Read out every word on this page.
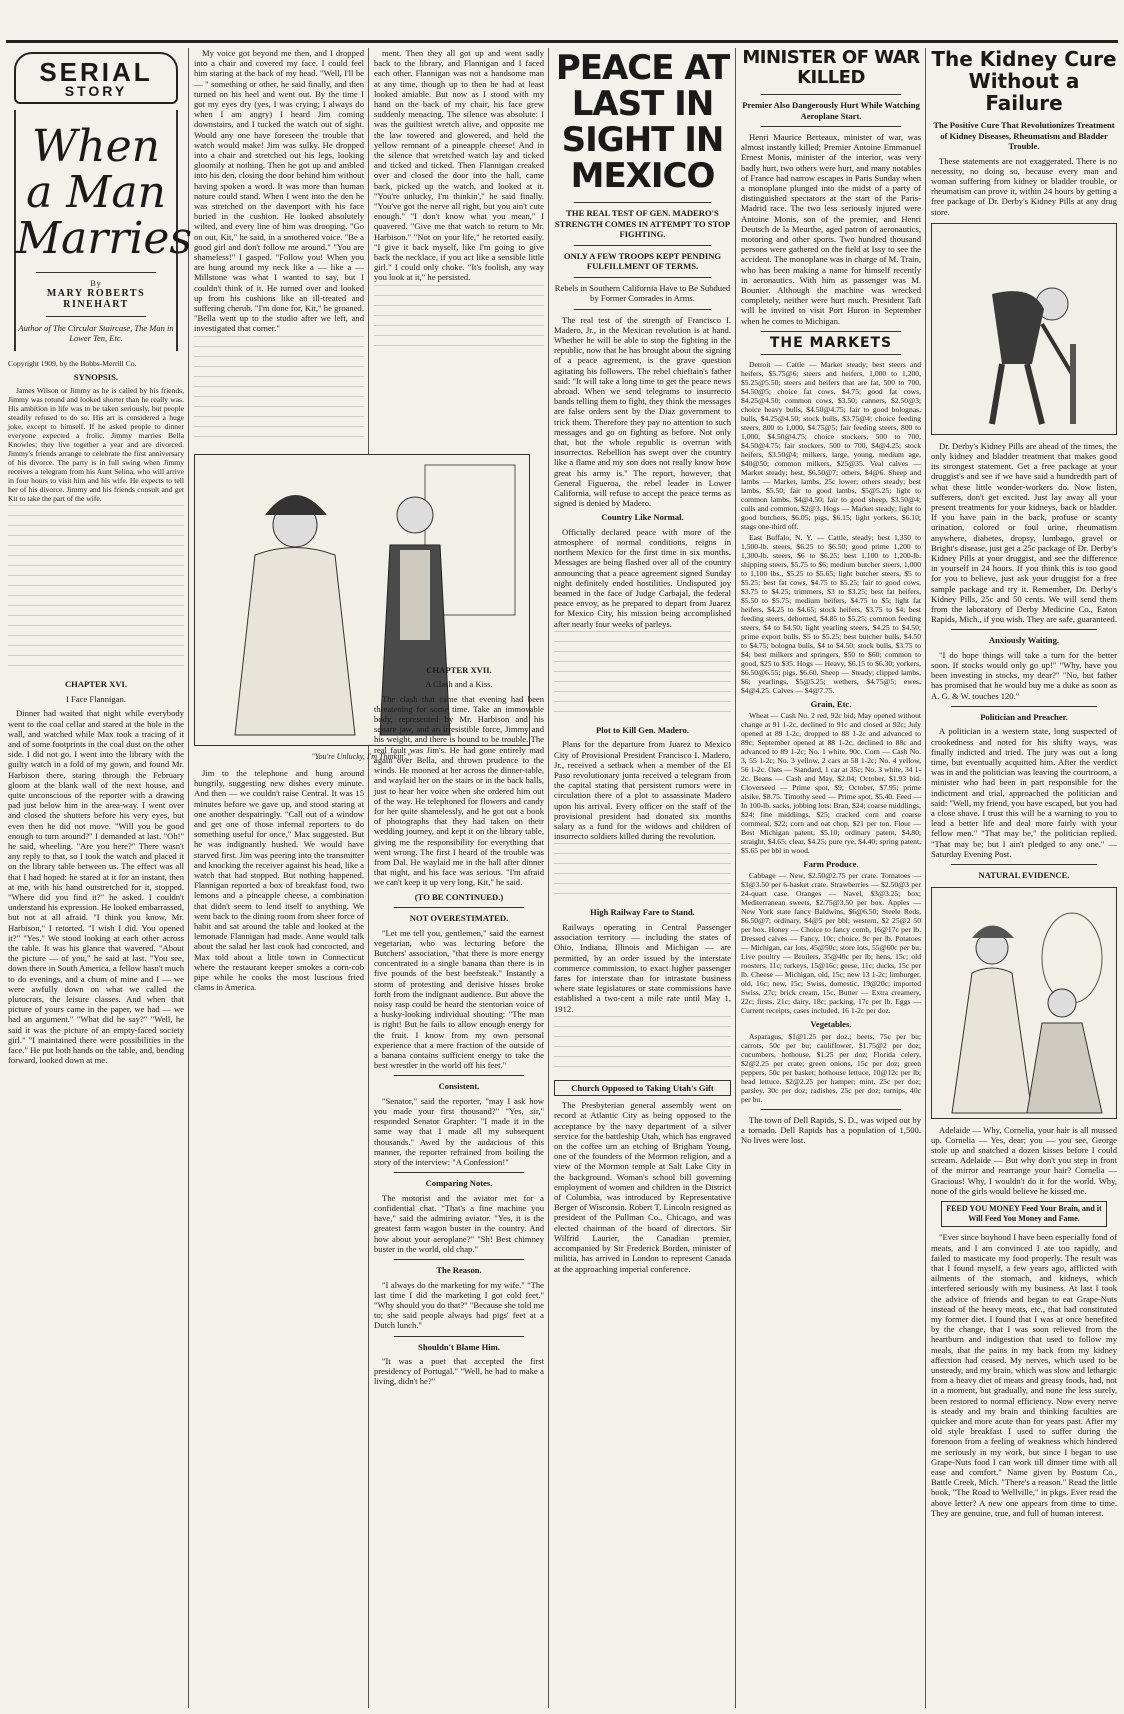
SERIAL
STORY
When
a Man
Marries
By
MARY ROBERTS RINEHART
Author of The Circular Staircase, The Man in Lower Ten, Etc.
Copyright 1909, by the Bobbs-Merrill Co.
SYNOPSIS.

James Wilson or Jimmy as he is called by his friends, Jimmy was rotund and looked shorter than he really was. His ambition in life was to be taken seriously, but people steadily refused to do so. His art is considered a huge joke, except to himself. If he asked people to dinner everyone expected a frolic. Jimmy marries Bella Knowles; they live together a year and are divorced. Jimmy's friends arrange to celebrate the first anniversary of his divorce. The party is in full swing when Jimmy receives a telegram from his Aunt Selina, who will arrive in four hours to visit him and his wife. He expects to tell her of his divorce. Jimmy and his friends consult and get Kit to take the part of the wife.

CHAPTER XVI.
I Face Flannigan.

Dinner had waited that night while everybody went to the coal cellar and stared at the hole in the wall, and watched while Max took a tracing of it and of some footprints in the coal dust on the other side. I did not go. I went into the library with the guilty watch in a fold of my gown, and found Mr. Harbison there, staring through the February gloom at the blank wall of the next house, and quite unconscious of the reporter with a drawing pad just below him in the area-way. I went over and closed the shutters before his very eyes, but even then he did not move. "Will you be good enough to turn around?" I demanded at last. "Oh!" he said, wheeling. "Are you here?" There wasn't any reply to that, so I took the watch and placed it on the library table between us. The effect was all that I had hoped: he stared at it for an instant, then at me, with his hand outstretched for it, stopped. "Where did you find it?" he asked. I couldn't understand his expression. He looked embarrassed, but not at all afraid. "I think you know, Mr. Harbison," I retorted. "I wish I did. You opened it?" "Yes." We stood looking at each other across the table. It was his glance that wavered. "About the picture — of you," he said at last. "You see, down there in South America, a fellow hasn't much to do evenings, and a chum of mine and I — we were awfully down on what we called the plutocrats, the leisure classes. And when that picture of yours came in the paper, we had — we had an argument." "What did he say?" "Well, he said it was the picture of an empty-faced society girl." "I maintained there were possibilities in the face." He put both hands on the table, and, bending forward, looked down at me.

My voice got beyond me then, and I dropped into a chair and covered my face. I could feel him staring at the back of my head. "Well, I'll be — " something or other, he said finally, and then turned on his heel and went out. By the time I got my eyes dry (yes, I was crying; I always do when I am angry) I heard Jim coming downstairs, and I tucked the watch out of sight. Would any one have foreseen the trouble that watch would make! Jim was sulky. He dropped into a chair and stretched out his legs, looking gloomily at nothing. Then he got up and ambled into his den, closing the door behind him without having spoken a word. It was more than human nature could stand. When I went into the den he was stretched on the davenport with his face buried in the cushion. He looked absolutely wilted, and every line of him was drooping. "Go on out, Kit," he said, in a smothered voice. "Be a good girl and don't follow me around." "You are shameless!" I gasped. "Follow you! When you are hung around my neck like a — like a — Millstone was what I wanted to say, but I couldn't think of it. He turned over and looked up from his cushions like an ill-treated and suffering cherub. "I'm done for, Kit," he groaned. "Bella went up to the studio after we left, and investigated that corner."

"You're Unlucky, I'm Thinkin'."

Jim to the telephone and hung around hungrily, suggesting new dishes every minute. And then — we couldn't raise Central. It was 15 minutes before we gave up, and stood staring at one another despairingly. "Call out of a window and get one of those infernal reporters to do something useful for once," Max suggested. But he was indignantly hushed. We would have starved first. Jim was peering into the transmitter and knocking the receiver against his head, like a watch that had stopped. But nothing happened. Flannigan reported a box of breakfast food, two lemons and a pineapple cheese, a combination that didn't seem to lend itself to anything. We went back to the dining room from sheer force of habit and sat around the table and looked at the lemonade Flannigan had made. Anne would talk about the salad her last cook had concocted, and Max told about a little town in Connecticut where the restaurant keeper smokes a corn-cob pipe while he cooks the most luscious fried clams in America.

ment. Then they all got up and went sadly back to the library, and Flannigan and I faced each other. Flannigan was not a handsome man at any time, though up to then he had at least looked amiable. But now as I stood with my hand on the back of my chair, his face grew suddenly menacing. The silence was absolute: I was the guiltiest wretch alive, and opposite me the law towered and glowered, and held the yellow remnant of a pineapple cheese! And in the silence that wretched watch lay and ticked and ticked and ticked. Then Flannigan creaked over and closed the door into the hall, came back, picked up the watch, and looked at it. "You're unlucky, I'm thinkin'," he said finally. "You've got the nerve all right, but you ain't cute enough." "I don't know what you mean," I quavered. "Give me that watch to return to Mr. Harbison." "Not on your life," he retorted easily. "I give it back myself, like I'm going to give back the necklace, if you act like a sensible little girl." I could only choke. "It's foolish, any way you look at it," he persisted.

CHAPTER XVII.
A Clash and a Kiss.

The clash that came that evening had been threatening for some time. Take an immovable body, represented by Mr. Harbison and his square jaw, and an irresistible force, Jimmy and his weight, and there is bound to be trouble. The real fault was Jim's. He had gone entirely mad again over Bella, and thrown prudence to the winds. He mooned at her across the dinner-table, and waylaid her on the stairs or in the back halls, just to hear her voice when she ordered him out of the way. He telephoned for flowers and candy for her quite shamelessly, and he got out a book of photographs that they had taken on their wedding journey, and kept it on the library table, giving me the responsibility for everything that went wrong. The first I heard of the trouble was from Dal. He waylaid me in the hall after dinner that night, and his face was serious. "I'm afraid we can't keep it up very long, Kit," he said.

(TO BE CONTINUED.)
NOT OVERESTIMATED.

"Let me tell you, gentlemen," said the earnest vegetarian, who was lecturing before the Butchers' association, "that there is more energy concentrated in a single banana than there is in five pounds of the best beefsteak." Instantly a storm of protesting and derisive hisses broke forth from the indignant audience. But above the noisy rasp could be heard the stentorian voice of a husky-looking individual shouting: "The man is right! But he fails to allow enough energy for the fruit. I know from my own personal experience that a mere fraction of the outside of a banana contains sufficient energy to take the best wrestler in the world off his feet."

Consistent.

"Senator," said the reporter, "may I ask how you made your first thousand?" "Yes, sir," responded Senator Graphter: "I made it in the same way that I made all my subsequent thousands." Awed by the audacious of this manner, the reporter refrained from boiling the story of the interview: "A Confession!"

Comparing Notes.

The motorist and the aviator met for a confidential chat. "That's a fine machine you have," said the admiring aviator. "Yes, it is the greatest farm wagon buster in the country. And how about your aeroplane?" "Sh! Best chimney buster in the world, old chap."

The Reason.

"I always do the marketing for my wife." "The last time I did the marketing I got cold feet." "Why should you do that?" "Because she told me to; she said people always had pigs' feet at a Dutch lunch."

Shouldn't Blame Him.

"It was a poet that accepted the first presidency of Portugal." "Well, he had to make a living, didn't he?"

PEACE AT LAST IN
SIGHT IN MEXICO
THE REAL TEST OF GEN. MADERO'S STRENGTH COMES IN ATTEMPT TO STOP FIGHTING.
ONLY A FEW TROOPS KEPT PENDING FULFILLMENT OF TERMS.
Rebels in Southern California Have to Be Subdued by Former Comrades in Arms.

The real test of the strength of Francisco I. Madero, Jr., in the Mexican revolution is at hand. Whether he will be able to stop the fighting in the republic, now that he has brought about the signing of a peace agreement, is the grave question agitating his followers. The rebel chieftain's father said: "It will take a long time to get the peace news abroad. When we send telegrams to insurrecto bands telling them to fight, they think the messages are false orders sent by the Diaz government to trick them. Therefore they pay no attention to such messages and go on fighting as before. Not only that, but the whole republic is overrun with insurrectos. Rebellion has swept over the country like a flame and my son does not really know how great his army is." The report, however, that General Figueroa, the rebel leader in Lower California, will refuse to accept the peace terms as signed is denied by Madero.

Country Like Normal.

Officially declared peace with more of the atmosphere of normal conditions, reigns in northern Mexico for the first time in six months. Messages are being flashed over all of the country announcing that a peace agreement signed Sunday night definitely ended hostilities. Undisputed joy beamed in the face of Judge Carbajal, the federal peace envoy, as he prepared to depart from Juarez for Mexico City, his mission being accomplished after nearly four weeks of parleys.

Plot to Kill Gen. Madero.

Plans for the departure from Juarez to Mexico City of Provisional President Francisco I. Madero, Jr., received a setback when a member of the El Paso revolutionary junta received a telegram from the capital stating that persistent rumors were in circulation there of a plot to assassinate Madero upon his arrival. Every officer on the staff of the provisional president had donated six months salary as a fund for the widows and children of insurrecto soldiers killed during the revolution.

High Railway Fare to Stand.

Railways operating in Central Passenger association territory — including the states of Ohio, Indiana, Illinois and Michigan — are permitted, by an order issued by the interstate commerce commission, to exact higher passenger fares for interstate than for intrastate business where state legislatures or state commissions have established a two-cent a mile rate until May 1, 1912.

Church Opposed to Taking Utah's Gift

The Presbyterian general assembly went on record at Atlantic City as being opposed to the acceptance by the navy department of a silver service for the battleship Utah, which has engraved on the coffee urn an etching of Brigham Young, one of the founders of the Mormon religion, and a view of the Mormon temple at Salt Lake City in the background. Woman's school bill governing employment of women and children in the District of Columbia, was introduced by Representative Berger of Wisconsin. Robert T. Lincoln resigned as president of the Pullman Co., Chicago, and was elected chairman of the board of directors. Sir Wilfrid Laurier, the Canadian premier, accompanied by Sir Frederick Borden, minister of militia, has arrived in London to represent Canada at the approaching imperial conference.

MINISTER OF WAR KILLED
Premier Also Dangerously Hurt While Watching Aeroplane Start.

Henri Maurice Berteaux, minister of war, was almost instantly killed; Premier Antoine Emmanuel Ernest Monis, minister of the interior, was very badly hurt, two others were hurt, and many notables of France had narrow escapes in Paris Sunday when a monoplane plunged into the midst of a party of distinguished spectators at the start of the Paris-Madrid race. The two less seriously injured were Antoine Monis, son of the premier, and Henri Deutsch de la Meurthe, aged patron of aeronautics, motoring and other sports. Two hundred thousand persons were gathered on the field at Issy to see the accident. The monoplane was in charge of M. Train, who has been making a name for himself recently in aeronautics. With him as passenger was M. Bounier. Although the machine was wrecked completely, neither were hurt much. President Taft will be invited to visit Port Huron in September when he comes to Michigan.

THE MARKETS

Detroit — Cattle — Market steady; best steers and heifers, $5.75@6; steers and heifers, 1,000 to 1,200, $5.25@5.50; steers and heifers that are fat, 500 to 700, $4.50@5; choice fat cows, $4.75; good fat cows, $4.25@4.50; common cows, $3.50; canners, $2.50@3; choice heavy bulls, $4.50@4.75; fair to good bolognas, bulls, $4.25@4.50; stock bulls, $3.75@4; choice feeding steers, 800 to 1,000, $4.75@5; fair feeding steers, 800 to 1,000, $4.50@4.75; choice stockers, 500 to 700, $4.50@4.75; fair stockers, 500 to 700, $4@4.25; stock heifers, $3.50@4; milkers, large, young, medium age, $40@50; common milkers, $25@35. Veal calves — Market steady; best, $6.50@7; others, $4@6. Sheep and lambs — Market, lambs, 25c lower; others steady; best lambs, $5.50; fair to good lambs, $5@5.25; light to common lambs, $4@4.50; fair to good sheep, $3.50@4; culls and common, $2@3. Hogs — Market steady; light to good butchers, $6.05; pigs, $6.15; light yorkers, $6.10; stags one-third off.

East Buffalo, N. Y. — Cattle, steady; best 1,350 to 1,500-lb. steers, $6.25 to $6.50; good prime 1,200 to 1,300-lb. steers, $6 to $6.25; best 1,100 to 1,200-lb. shipping steers, $5.75 to $6; medium butcher steers, 1,000 to 1,100 lbs., $5.25 to $5.65; light butcher steers, $5 to $5.25; best fat cows, $4.75 to $5.25; fair to good cows, $3.75 to $4.25; trimmers, $3 to $3.25; best fat heifers, $5.50 to $5.75; medium heifers, $4.75 to $5; light fat heifers, $4.25 to $4.65; stock heifers, $3.75 to $4; best feeding steers, dehorned, $4.85 to $5.25; common feeding steers, $4 to $4.50; light yearling steers, $4.25 to $4.50; prime export bulls, $5 to $5.25; best butcher bulls, $4.50 to $4.75; bologna bulls, $4 to $4.50; stock bulls, $3.75 to $4; best milkers and springers, $50 to $60; common to good, $25 to $35. Hogs — Heavy, $6.15 to $6.30; yorkers, $6.50@6.55; pigs, $6.60. Sheep — Steady; clipped lambs, $6; yearlings, $5@5.25; wethers, $4.75@5; ewes, $4@4.25. Calves — $4@7.75.

Grain, Etc.

Wheat — Cash No. 2 red, 92c bid; May opened without change at 91 1-2c, declined to 91c and closed at 92c; July opened at 89 1-2c, dropped to 88 1-2c and advanced to 89c; September opened at 88 1-2c, declined to 88c and advanced to 89 1-2c; No. 1 white, 90c. Corn — Cash No. 3, 55 1-2c; No. 3 yellow, 2 cars at 58 1-2c; No. 4 yellow, 56 1-2c. Oats — Standard, 1 car at 35c; No. 3 white, 34 1-2c. Beans — Cash and May, $2.04; October, $1.93 bid. Cloverseed — Prime spot, $9; October, $7.95; prime alsike, $8.75. Timothy seed — Prime spot, $5.40. Feed — In 100-lb. sacks, jobbing lots: Bran, $24; coarse middlings, $24; fine middlings, $25; cracked corn and coarse cornmeal, $22; corn and oat chop, $21 per ton. Flour — Best Michigan patent, $5.10; ordinary patent, $4.80; straight, $4.65; clear, $4.25; pure rye, $4.40; spring patent, $5.65 per bbl in wood.

Farm Produce.

Cabbage — New, $2.50@2.75 per crate. Tomatoes — $3@3.50 per 6-basket crate. Strawberries — $2.50@3 per 24-quart case. Oranges — Navel, $3@3.25; box; Mediterranean sweets, $2.75@3.50 per box. Apples — New York state fancy Baldwins, $6@6.50; Steele Reds, $6.50@7; ordinary, $4@5 per bbl; western, $2 25@2 50 per box. Honey — Choice to fancy comb, 16@17c per lb. Dressed calves — Fancy, 10c; choice, 9c per lb. Potatoes — Michigan, car lots, 45@50c; store lots, 55@60c per bu. Live poultry — Broilers, 35@40c per lb; hens, 15c; old roosters, 11c; turkeys, 15@16c; geese, 11c; ducks, 15c per lb. Cheese — Michigan, old, 15c; new 13 1-2c; limburger, old, 16c; new, 15c; Swiss, domestic, 19@20c; imported Swiss, 27c; brick cream, 15c. Butter — Extra creamery, 22c; firsts, 21c; dairy, 18c; packing, 17c per lb. Eggs — Current receipts, cases included, 16 1-2c per doz.

Vegetables.

Asparagus, $1@1.25 per doz.; beets, 75c per bu; carrots, 50c per bu; cauliflower, $1.75@2 per doz; cucumbers, hothouse, $1.25 per doz; Florida celery, $2@2.25 per crate; green onions, 15c per doz; green peppers, 50c per basket; hothouse lettuce, 10@12c per lb; head lettuce, $2@2.25 per hamper; mint, 25c per doz; parsley, 30c per doz; radishes, 25c per doz; turnips, 40c per bu.

The town of Dell Rapids, S. D., was wiped out by a tornado. Dell Rapids has a population of 1,500. No lives were lost.

The Kidney Cure
Without a Failure
The Positive Cure That Revolutionizes Treatment of Kidney Diseases, Rheumatism and Bladder Trouble.

These statements are not exaggerated. There is no necessity, no doing so, because every man and woman suffering from kidney or bladder trouble, or rheumatism can prove it, within 24 hours by getting a free package of Dr. Derby's Kidney Pills at any drug store.

Dr. Derby's Kidney Pills are ahead of the times, the only kidney and bladder treatment that makes good its strongest statement. Get a free package at your druggist's and see if we have said a hundredth part of what these little wonder-workers do. Now listen, sufferers, don't get excited. Just lay away all your present treatments for your kidneys, back or bladder. If you have pain in the back, profuse or scanty urination, colored or foul urine, rheumatism anywhere, diabetes, dropsy, lumbago, gravel or Bright's disease, just get a 25c package of Dr. Derby's Kidney Pills at your druggist, and see the difference in yourself in 24 hours. If you think this is too good for you to believe, just ask your druggist for a free sample package and try it. Remember, Dr. Derby's Kidney Pills, 25c and 50 cents. We will send them from the laboratory of Derby Medicine Co., Eaton Rapids, Mich., if you wish. They are safe, guaranteed.

Anxiously Waiting.

"I do hope things will take a turn for the better soon. If stocks would only go up!" "Why, have you been investing in stocks, my dear?" "No, but father has promised that he would buy me a duke as soon as A. G. & W. touches 120."

Politician and Preacher.

A politician in a western state, long suspected of crookedness and noted for his shifty ways, was finally indicted and tried. The jury was out a long time, but eventually acquitted him. After the verdict was in and the politician was leaving the courtroom, a minister who had been in part responsible for the indictment and trial, approached the politician and said: "Well, my friend, you have escaped, but you had a close shave. I trust this will be a warning to you to lead a better life and deal more fairly with your fellow men." "That may be," the politician replied. "That may be; but I ain't pledged to any one." — Saturday Evening Post.

NATURAL EVIDENCE.

Adelaide — Why, Cornelia, your hair is all mussed up. Cornelia — Yes, dear; you — you see, George stole up and snatched a dozen kisses before I could scream. Adelaide — But why don't you step in front of the mirror and rearrange your hair? Cornelia — Gracious! Why, I wouldn't do it for the world. Why, none of the girls would believe he kissed me.

FEED YOU MONEY Feed Your Brain, and it Will Feed You Money and Fame.

"Ever since boyhood I have been especially fond of meats, and I am convinced I ate too rapidly, and failed to masticate my food properly. The result was that I found myself, a few years ago, afflicted with ailments of the stomach, and kidneys, which interfered seriously with my business. At last I took the advice of friends and began to eat Grape-Nuts instead of the heavy meats, etc., that had constituted my former diet. I found that I was at once benefited by the change, that I was soon relieved from the heartburn and indigestion that used to follow my meals, that the pains in my back from my kidney affection had ceased. My nerves, which used to be unsteady, and my brain, which was slow and lethargic from a heavy diet of meats and greasy foods, had, not in a moment, but gradually, and none the less surely, been restored to normal efficiency. Now every nerve is steady and my brain and thinking faculties are quicker and more acute than for years past. After my old style breakfast I used to suffer during the forenoon from a feeling of weakness which hindered me seriously in my work, but since I began to use Grape-Nuts food I can work till dinner time with all ease and comfort." Name given by Postum Co., Battle Creek, Mich. "There's a reason." Read the little book, "The Road to Wellville," in pkgs. Ever read the above letter? A new one appears from time to time. They are genuine, true, and full of human interest.
